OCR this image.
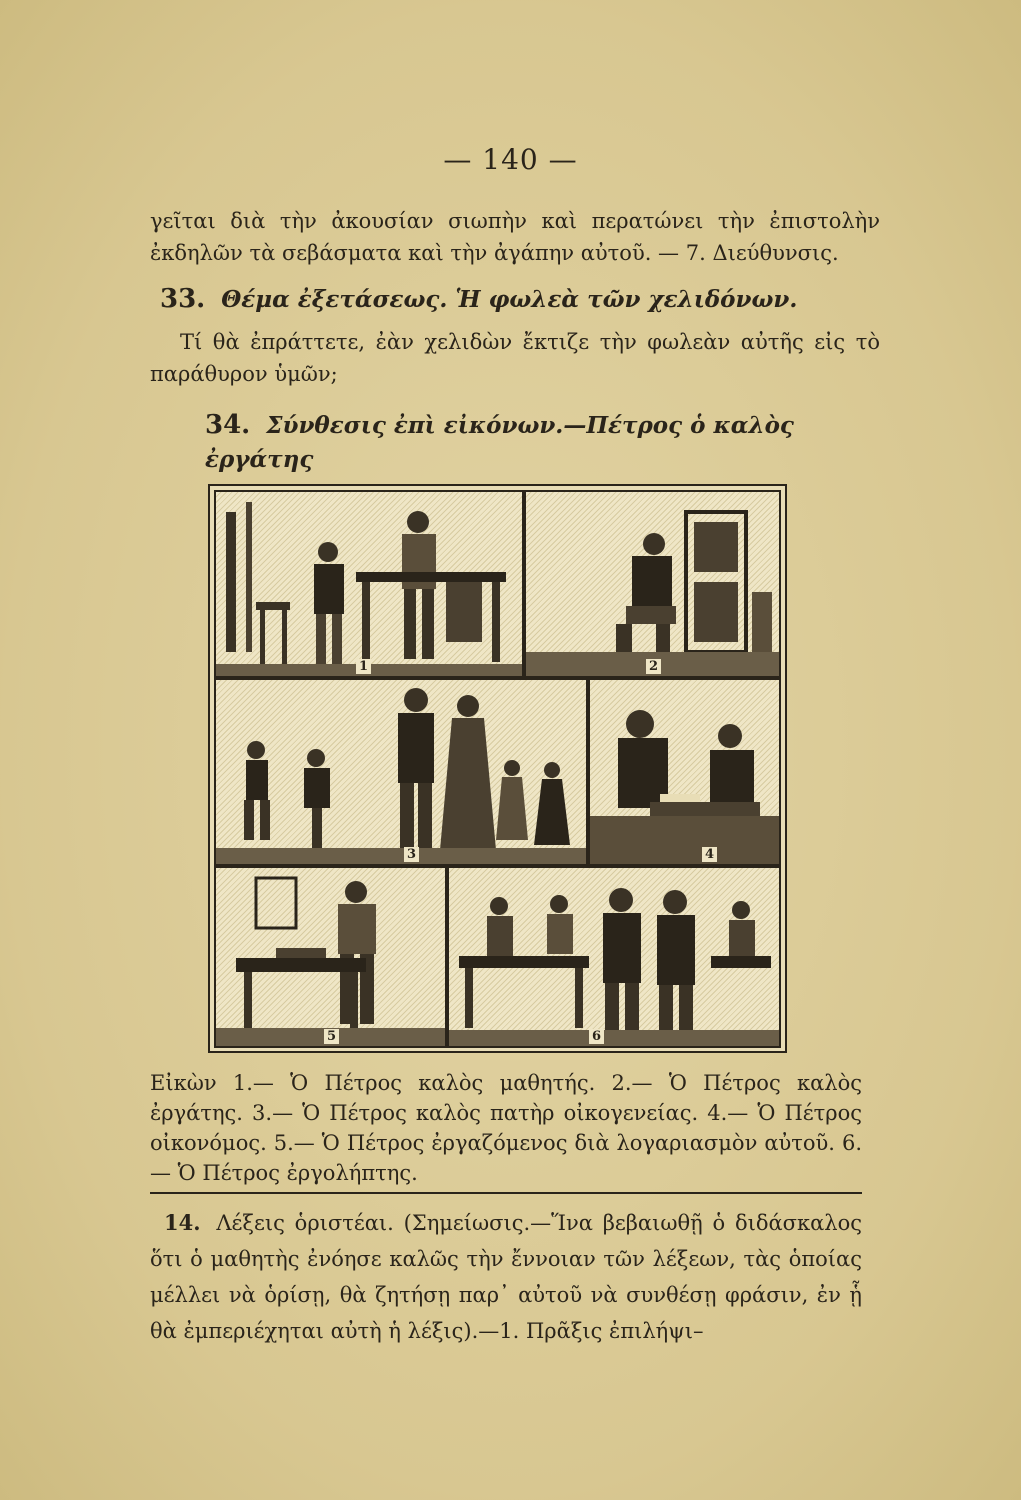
— 140 —
γεῖται διὰ τὴν ἀκουσίαν σιωπὴν καὶ περατώνει τὴν ἐπιστολὴν ἐκδηλῶν τὰ σεβάσματα καὶ τὴν ἀγάπην αὐτοῦ. — 7. Διεύθυνσις.
33. Θέμα ἐξετάσεως. Ἡ φωλεὰ τῶν χελιδόνων.
Τί θὰ ἐπράττετε, ἐὰν χελιδὼν ἔκτιζε τὴν φωλεὰν αὐτῆς εἰς τὸ παράθυρον ὑμῶν;
34. Σύνθεσις ἐπὶ εἰκόνων.—Πέτρος ὁ καλὸς ἐργάτης
1	2
3	4
5	6
Εἰκὼν 1.— Ὁ Πέτρος καλὸς μαθητής. 2.— Ὁ Πέτρος καλὸς ἐργάτης. 3.— Ὁ Πέτρος καλὸς πατὴρ οἰκογενείας. 4.— Ὁ Πέτρος οἰκονόμος. 5.— Ὁ Πέτρος ἐργαζόμενος διὰ λογαριασμὸν αὐτοῦ. 6.— Ὁ Πέτρος ἐργολήπτης.
14. Λέξεις ὁριστέαι. (Σημείωσις.—Ἵνα βεβαιωθῇ ὁ διδάσκαλος ὅτι ὁ μαθητὴς ἐνόησε καλῶς τὴν ἔννοιαν τῶν λέξεων, τὰς ὁποίας μέλλει νὰ ὁρίσῃ, θὰ ζητήσῃ παρ᾽ αὐτοῦ νὰ συνθέσῃ φράσιν, ἐν ᾗ θὰ ἐμπεριέχηται αὐτὴ ἡ λέξις).—1. Πρᾶξις ἐπιλήψι–
